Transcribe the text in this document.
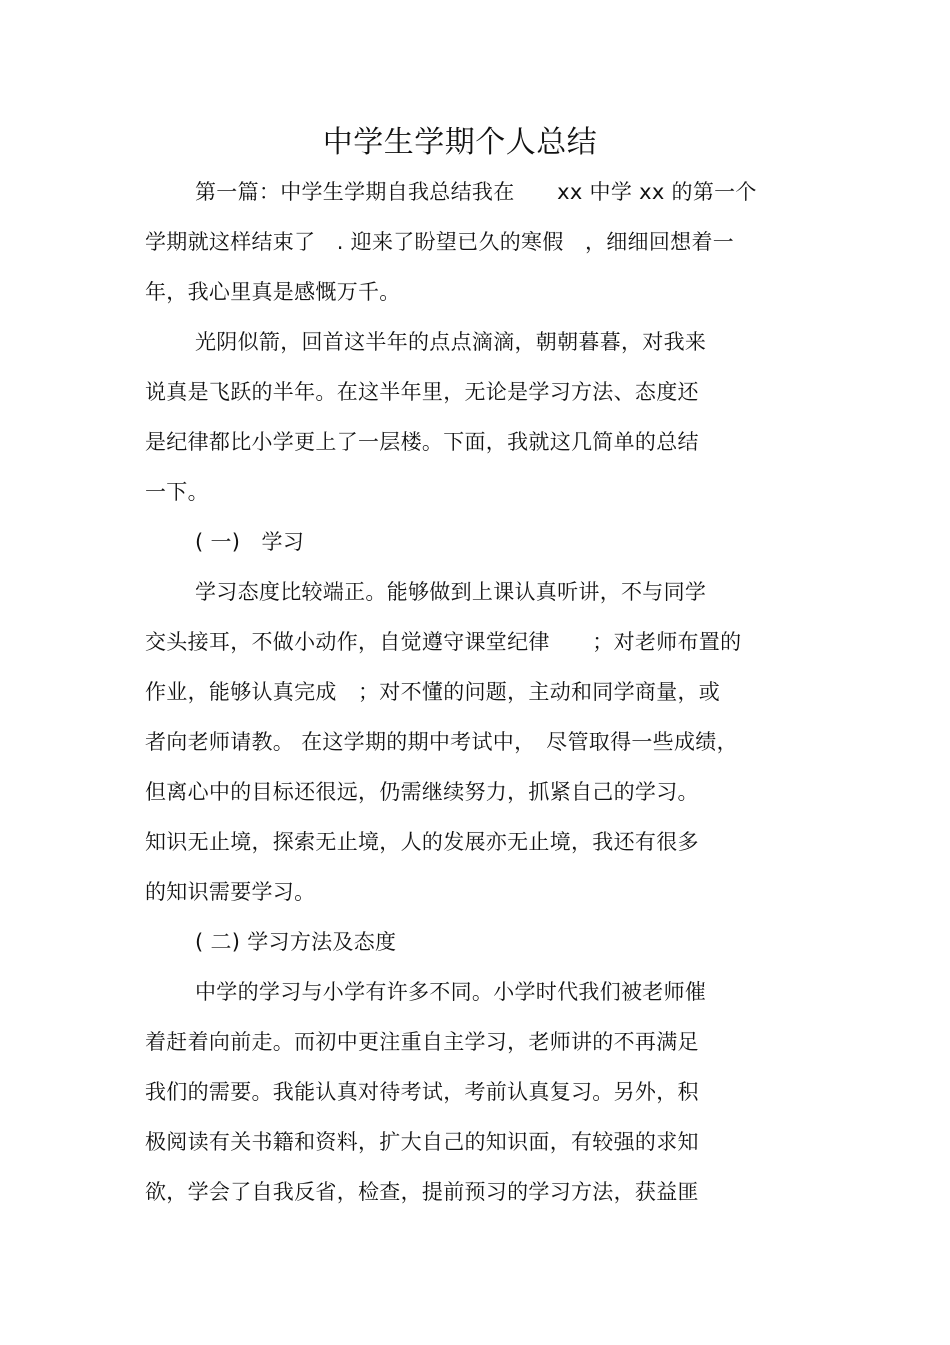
中学生学期个人总结
第一篇：中学生学期自我总结我在　　xx 中学 xx 的第一个
学期就这样结束了　. 迎来了盼望已久的寒假　，细细回想着一
年，我心里真是感慨万千。
光阴似箭，回首这半年的点点滴滴，朝朝暮暮，对我来
说真是飞跃的半年。在这半年里，无论是学习方法、态度还
是纪律都比小学更上了一层楼。下面，我就这几简单的总结
一下。
( 一)　学习
学习态度比较端正。能够做到上课认真听讲，不与同学
交头接耳，不做小动作，自觉遵守课堂纪律　　；对老师布置的
作业，能够认真完成　；对不懂的问题，主动和同学商量，或
者向老师请教。 在这学期的期中考试中，　尽管取得一些成绩，
但离心中的目标还很远，仍需继续努力，抓紧自己的学习。
知识无止境，探索无止境，人的发展亦无止境，我还有很多
的知识需要学习。
( 二) 学习方法及态度
中学的学习与小学有许多不同。小学时代我们被老师催
着赶着向前走。而初中更注重自主学习，老师讲的不再满足
我们的需要。我能认真对待考试，考前认真复习。另外，积
极阅读有关书籍和资料，扩大自己的知识面，有较强的求知
欲，学会了自我反省，检查，提前预习的学习方法，获益匪
